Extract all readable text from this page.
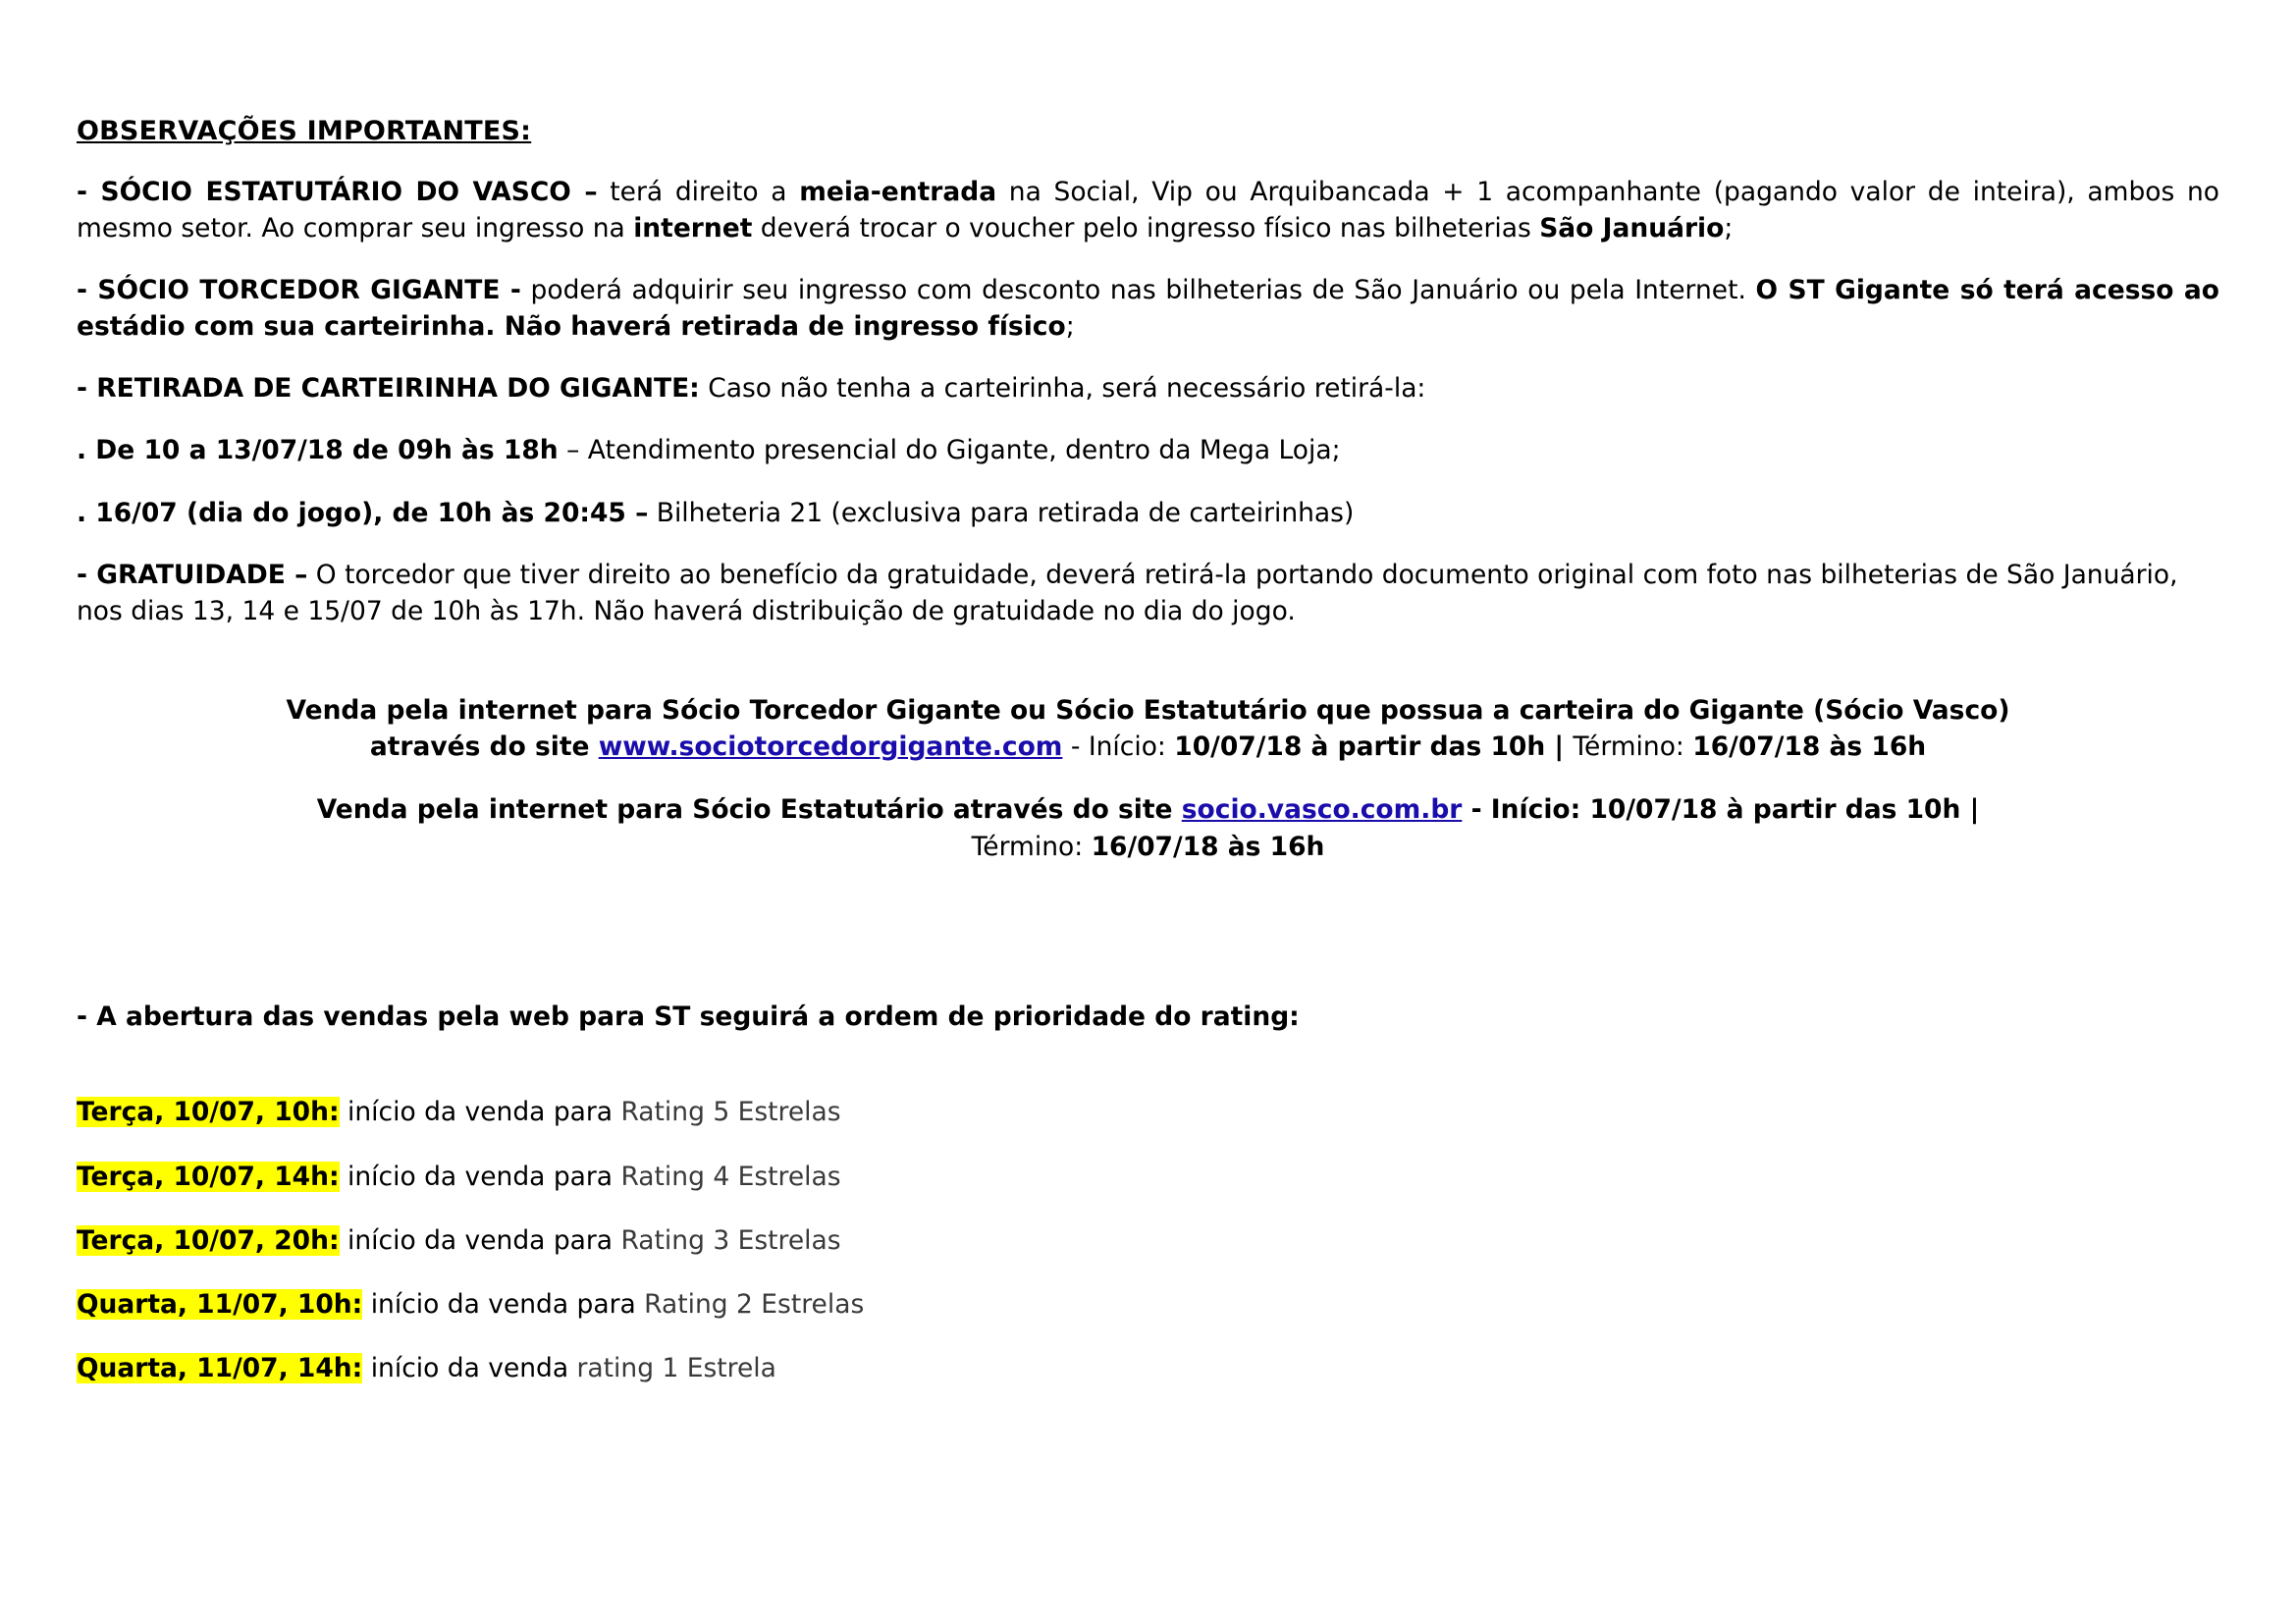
OBSERVAÇÕES IMPORTANTES:

- SÓCIO ESTATUTÁRIO DO VASCO – terá direito a meia-entrada na Social, Vip ou Arquibancada + 1 acompanhante (pagando valor de inteira), ambos no mesmo setor. Ao comprar seu ingresso na internet deverá trocar o voucher pelo ingresso físico nas bilheterias São Januário;

- SÓCIO TORCEDOR GIGANTE - poderá adquirir seu ingresso com desconto nas bilheterias de São Januário ou pela Internet. O ST Gigante só terá acesso ao estádio com sua carteirinha. Não haverá retirada de ingresso físico;

- RETIRADA DE CARTEIRINHA DO GIGANTE: Caso não tenha a carteirinha, será necessário retirá-la:

. De 10 a 13/07/18 de 09h às 18h – Atendimento presencial do Gigante, dentro da Mega Loja;

. 16/07 (dia do jogo), de 10h às 20:45 – Bilheteria 21 (exclusiva para retirada de carteirinhas)

- GRATUIDADE – O torcedor que tiver direito ao benefício da gratuidade, deverá retirá-la portando documento original com foto nas bilheterias de São Januário, nos dias 13, 14 e 15/07 de 10h às 17h. Não haverá distribuição de gratuidade no dia do jogo.

Venda pela internet para Sócio Torcedor Gigante ou Sócio Estatutário que possua a carteira do Gigante (Sócio Vasco)
através do site www.sociotorcedorgigante.com - Início: 10/07/18 à partir das 10h | Término: 16/07/18 às 16h
Venda pela internet para Sócio Estatutário através do site socio.vasco.com.br - Início: 10/07/18 à partir das 10h |
Término: 16/07/18 às 16h
- A abertura das vendas pela web para ST seguirá a ordem de prioridade do rating:
Terça, 10/07, 10h: início da venda para Rating 5 Estrelas
Terça, 10/07, 14h: início da venda para Rating 4 Estrelas
Terça, 10/07, 20h: início da venda para Rating 3 Estrelas
Quarta, 11/07, 10h: início da venda para Rating 2 Estrelas
Quarta, 11/07, 14h: início da venda rating 1 Estrela
